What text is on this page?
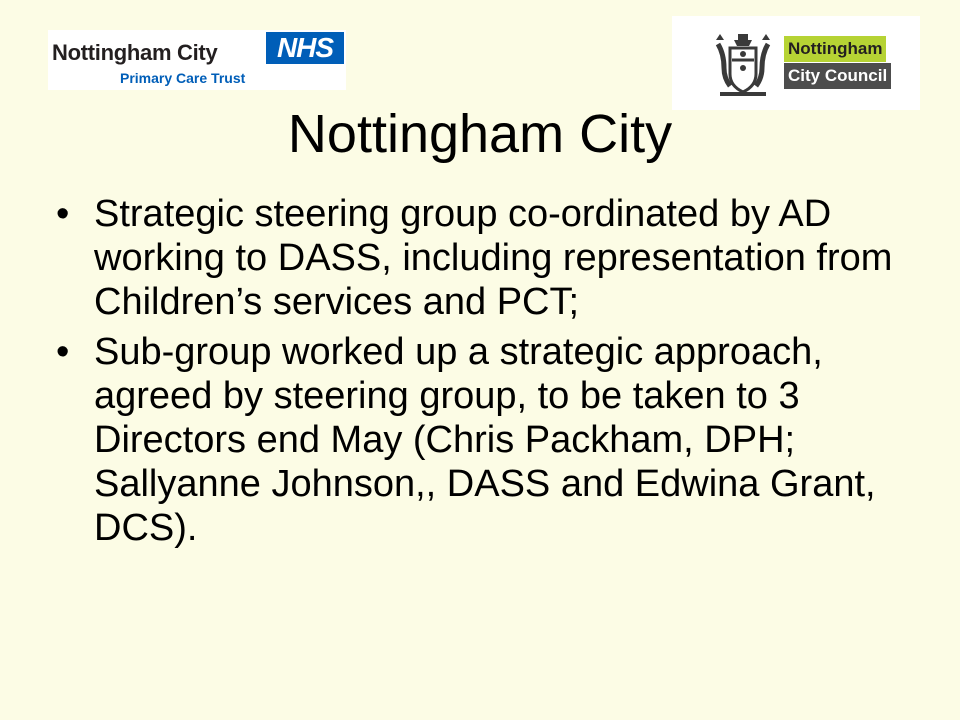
Nottingham City	NHS
Primary Care Trust
Nottingham
City Council
Nottingham City
• Strategic steering group co-ordinated by AD working to DASS, including representation from Children’s services and PCT;
• Sub-group worked up a strategic approach, agreed by steering group, to be taken to 3 Directors end May (Chris Packham, DPH; Sallyanne Johnson,, DASS and Edwina Grant, DCS).
